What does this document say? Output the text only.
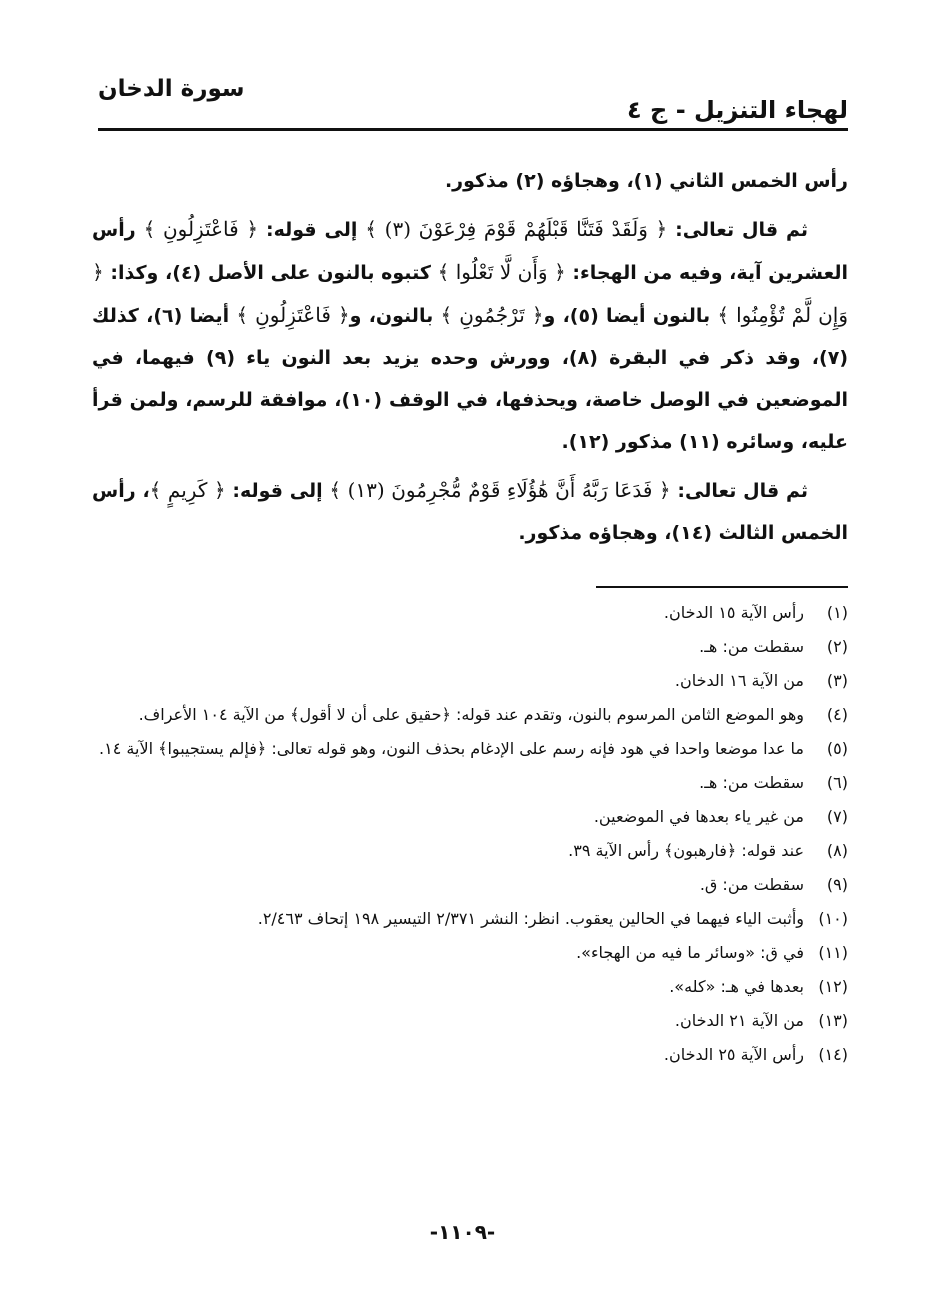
لهجاء التنزيل - ج ٤
سورة الدخان

رأس الخمس الثاني (١)، وهجاؤه (٢) مذكور.

ثم قال تعالى: ﴿ وَلَقَدْ فَتَنَّا قَبْلَهُمْ قَوْمَ فِرْعَوْنَ (٣) ﴾ إلى قوله: ﴿ فَاعْتَزِلُونِ ﴾ رأس العشرين آية، وفيه من الهجاء: ﴿ وَأَن لَّا تَعْلُوا ﴾ كتبوه بالنون على الأصل (٤)، وكذا: ﴿ وَإِن لَّمْ تُؤْمِنُوا ﴾ بالنون أيضا (٥)، و﴿ تَرْجُمُونِ ﴾ بالنون، و﴿ فَاعْتَزِلُونِ ﴾ أيضا (٦)، كذلك (٧)، وقد ذكر في البقرة (٨)، وورش وحده يزيد بعد النون ياء (٩) فيهما، في الموضعين في الوصل خاصة، ويحذفها، في الوقف (١٠)، موافقة للرسم، ولمن قرأ عليه، وسائره (١١) مذكور (١٢).

ثم قال تعالى: ﴿ فَدَعَا رَبَّهُ أَنَّ هَٰؤُلَاءِ قَوْمٌ مُّجْرِمُونَ (١٣) ﴾ إلى قوله: ﴿ كَرِيمٍ ﴾، رأس الخمس الثالث (١٤)، وهجاؤه مذكور.

(١)
رأس الآية ١٥ الدخان.
(٢)
سقطت من: هـ.
(٣)
من الآية ١٦ الدخان.
(٤)
وهو الموضع الثامن المرسوم بالنون، وتقدم عند قوله: ﴿حقيق على أن لا أقول﴾ من الآية ١٠٤ الأعراف.
(٥)
ما عدا موضعا واحدا في هود فإنه رسم على الإدغام بحذف النون، وهو قوله تعالى: ﴿فإلم يستجيبوا﴾ الآية ١٤.
(٦)
سقطت من: هـ.
(٧)
من غير ياء بعدها في الموضعين.
(٨)
عند قوله: ﴿فارهبون﴾ رأس الآية ٣٩.
(٩)
سقطت من: ق.
(١٠)
وأثبت الياء فيهما في الحالين يعقوب. انظر: النشر ٢/٣٧١ التيسير ١٩٨ إتحاف ٢/٤٦٣.
(١١)
في ق: «وسائر ما فيه من الهجاء».
(١٢)
بعدها في هـ: «كله».
(١٣)
من الآية ٢١ الدخان.
(١٤)
رأس الآية ٢٥ الدخان.
-١١٠٩-
